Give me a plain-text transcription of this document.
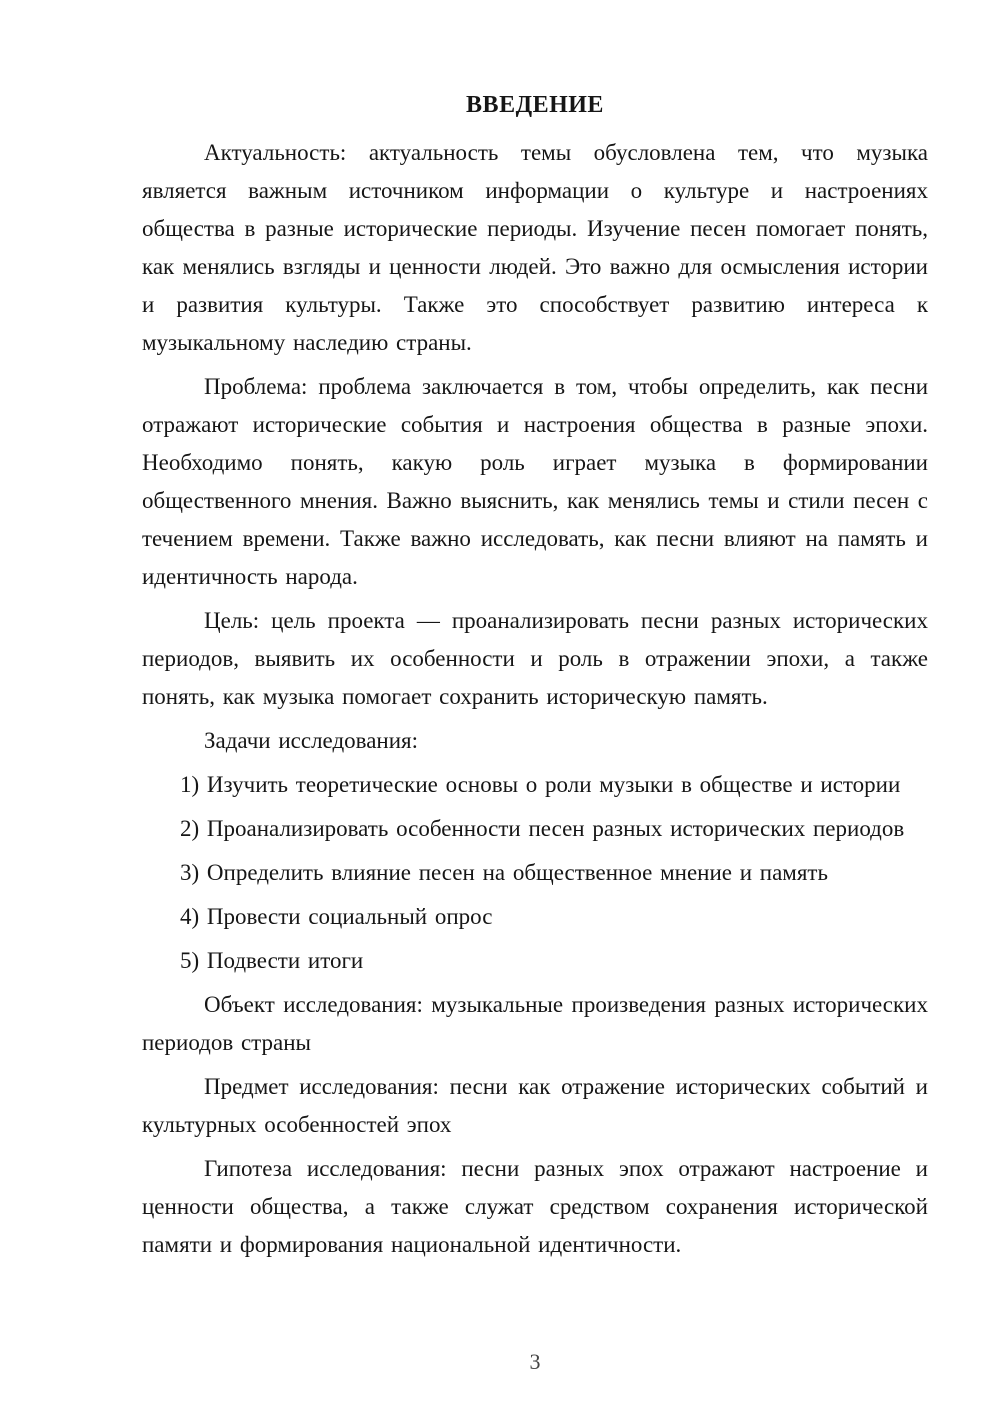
ВВЕДЕНИЕ

Актуальность: актуальность темы обусловлена тем, что музыка является важным источником информации о культуре и настроениях общества в разные исторические периоды. Изучение песен помогает понять, как менялись взгляды и ценности людей. Это важно для осмысления истории и развития культуры. Также это способствует развитию интереса к музыкальному наследию страны.

Проблема: проблема заключается в том, чтобы определить, как песни отражают исторические события и настроения общества в разные эпохи. Необходимо понять, какую роль играет музыка в формировании общественного мнения. Важно выяснить, как менялись темы и стили песен с течением времени. Также важно исследовать, как песни влияют на память и идентичность народа.

Цель: цель проекта — проанализировать песни разных исторических периодов, выявить их особенности и роль в отражении эпохи, а также понять, как музыка помогает сохранить историческую память.

Задачи исследования:

1) Изучить теоретические основы о роли музыки в обществе и истории

2) Проанализировать особенности песен разных исторических периодов

3) Определить влияние песен на общественное мнение и память

4) Провести социальный опрос

5) Подвести итоги

Объект исследования: музыкальные произведения разных исторических периодов страны

Предмет исследования: песни как отражение исторических событий и культурных особенностей эпох

Гипотеза исследования: песни разных эпох отражают настроение и ценности общества, а также служат средством сохранения исторической памяти и формирования национальной идентичности.

3
